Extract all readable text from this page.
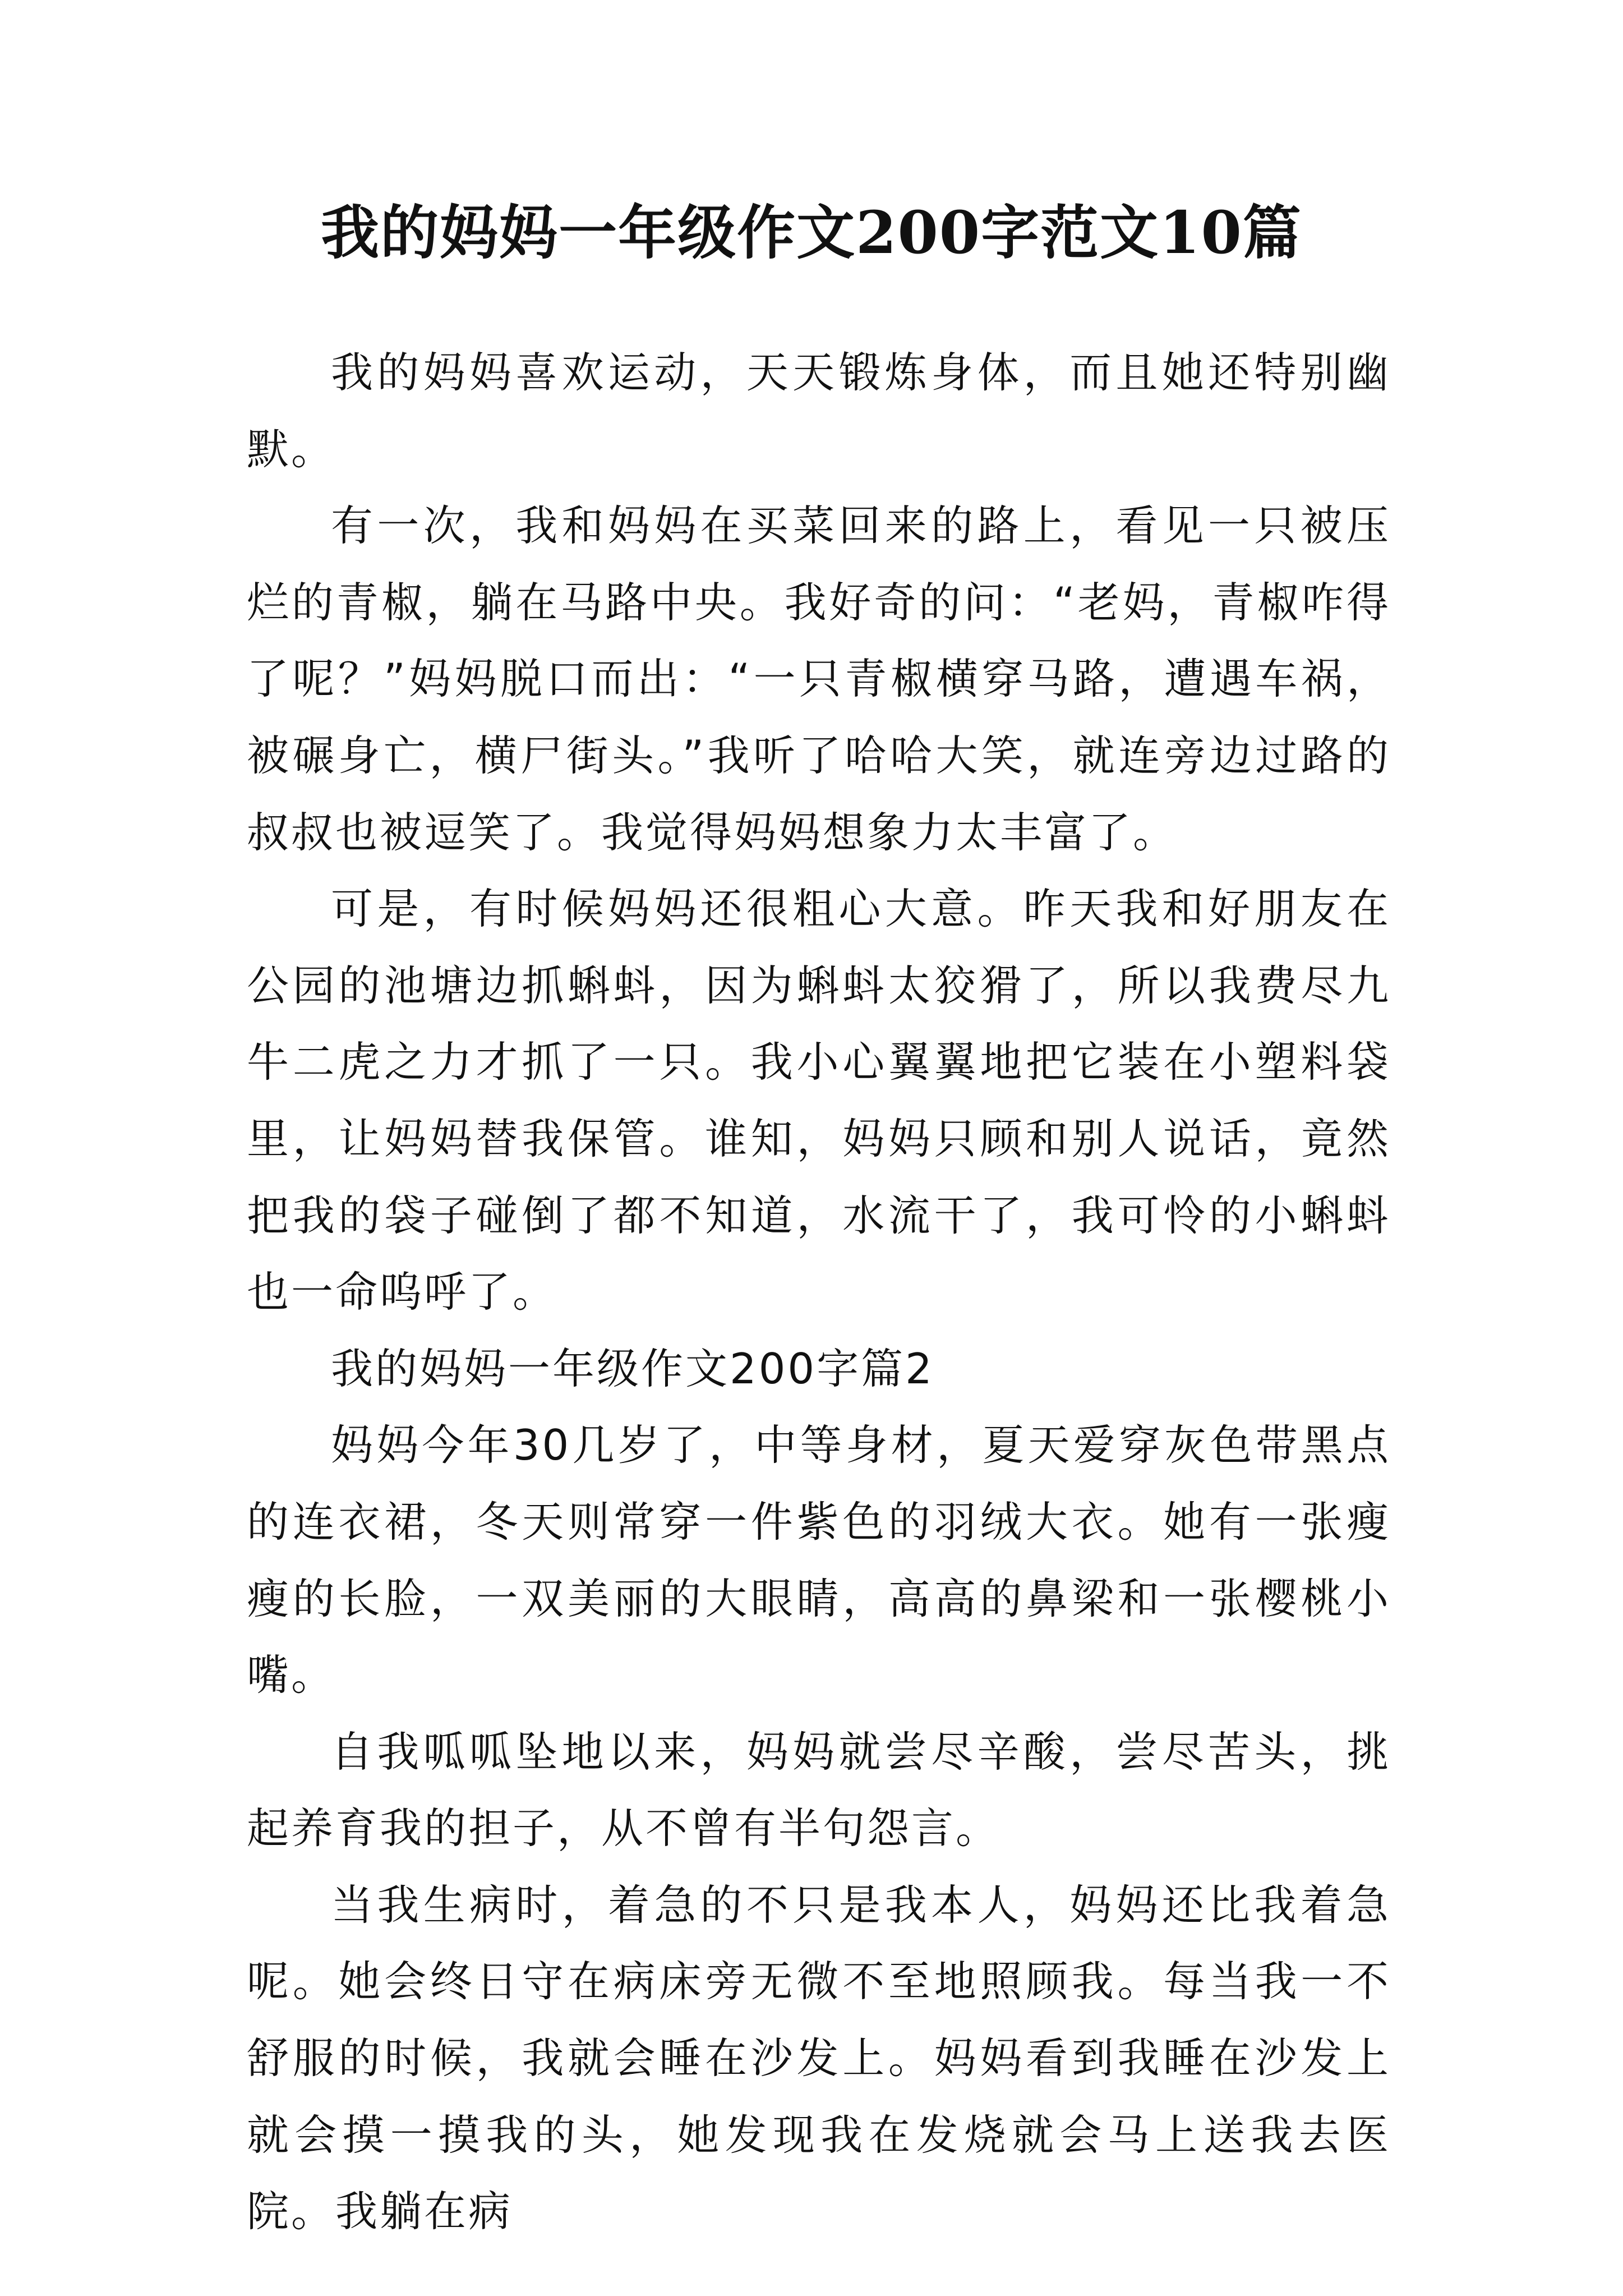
我的妈妈一年级作文200字范文10篇

我的妈妈喜欢运动，天天锻炼身体，而且她还特别幽默。

有一次，我和妈妈在买菜回来的路上，看见一只被压烂的青椒，躺在马路中央。我好奇的问：“老妈，青椒咋得了呢？”妈妈脱口而出：“一只青椒横穿马路，遭遇车祸，被碾身亡，横尸街头。”我听了哈哈大笑，就连旁边过路的叔叔也被逗笑了。我觉得妈妈想象力太丰富了。

可是，有时候妈妈还很粗心大意。昨天我和好朋友在公园的池塘边抓蝌蚪，因为蝌蚪太狡猾了，所以我费尽九牛二虎之力才抓了一只。我小心翼翼地把它装在小塑料袋里，让妈妈替我保管。谁知，妈妈只顾和别人说话，竟然把我的袋子碰倒了都不知道，水流干了，我可怜的小蝌蚪也一命呜呼了。

我的妈妈一年级作文200字篇2

妈妈今年30几岁了，中等身材，夏天爱穿灰色带黑点的连衣裙，冬天则常穿一件紫色的羽绒大衣。她有一张瘦瘦的长脸，一双美丽的大眼睛，高高的鼻梁和一张樱桃小嘴。

自我呱呱坠地以来，妈妈就尝尽辛酸，尝尽苦头，挑起养育我的担子，从不曾有半句怨言。

当我生病时，着急的不只是我本人，妈妈还比我着急呢。她会终日守在病床旁无微不至地照顾我。每当我一不舒服的时候，我就会睡在沙发上。妈妈看到我睡在沙发上就会摸一摸我的头，她发现我在发烧就会马上送我去医院。我躺在病
